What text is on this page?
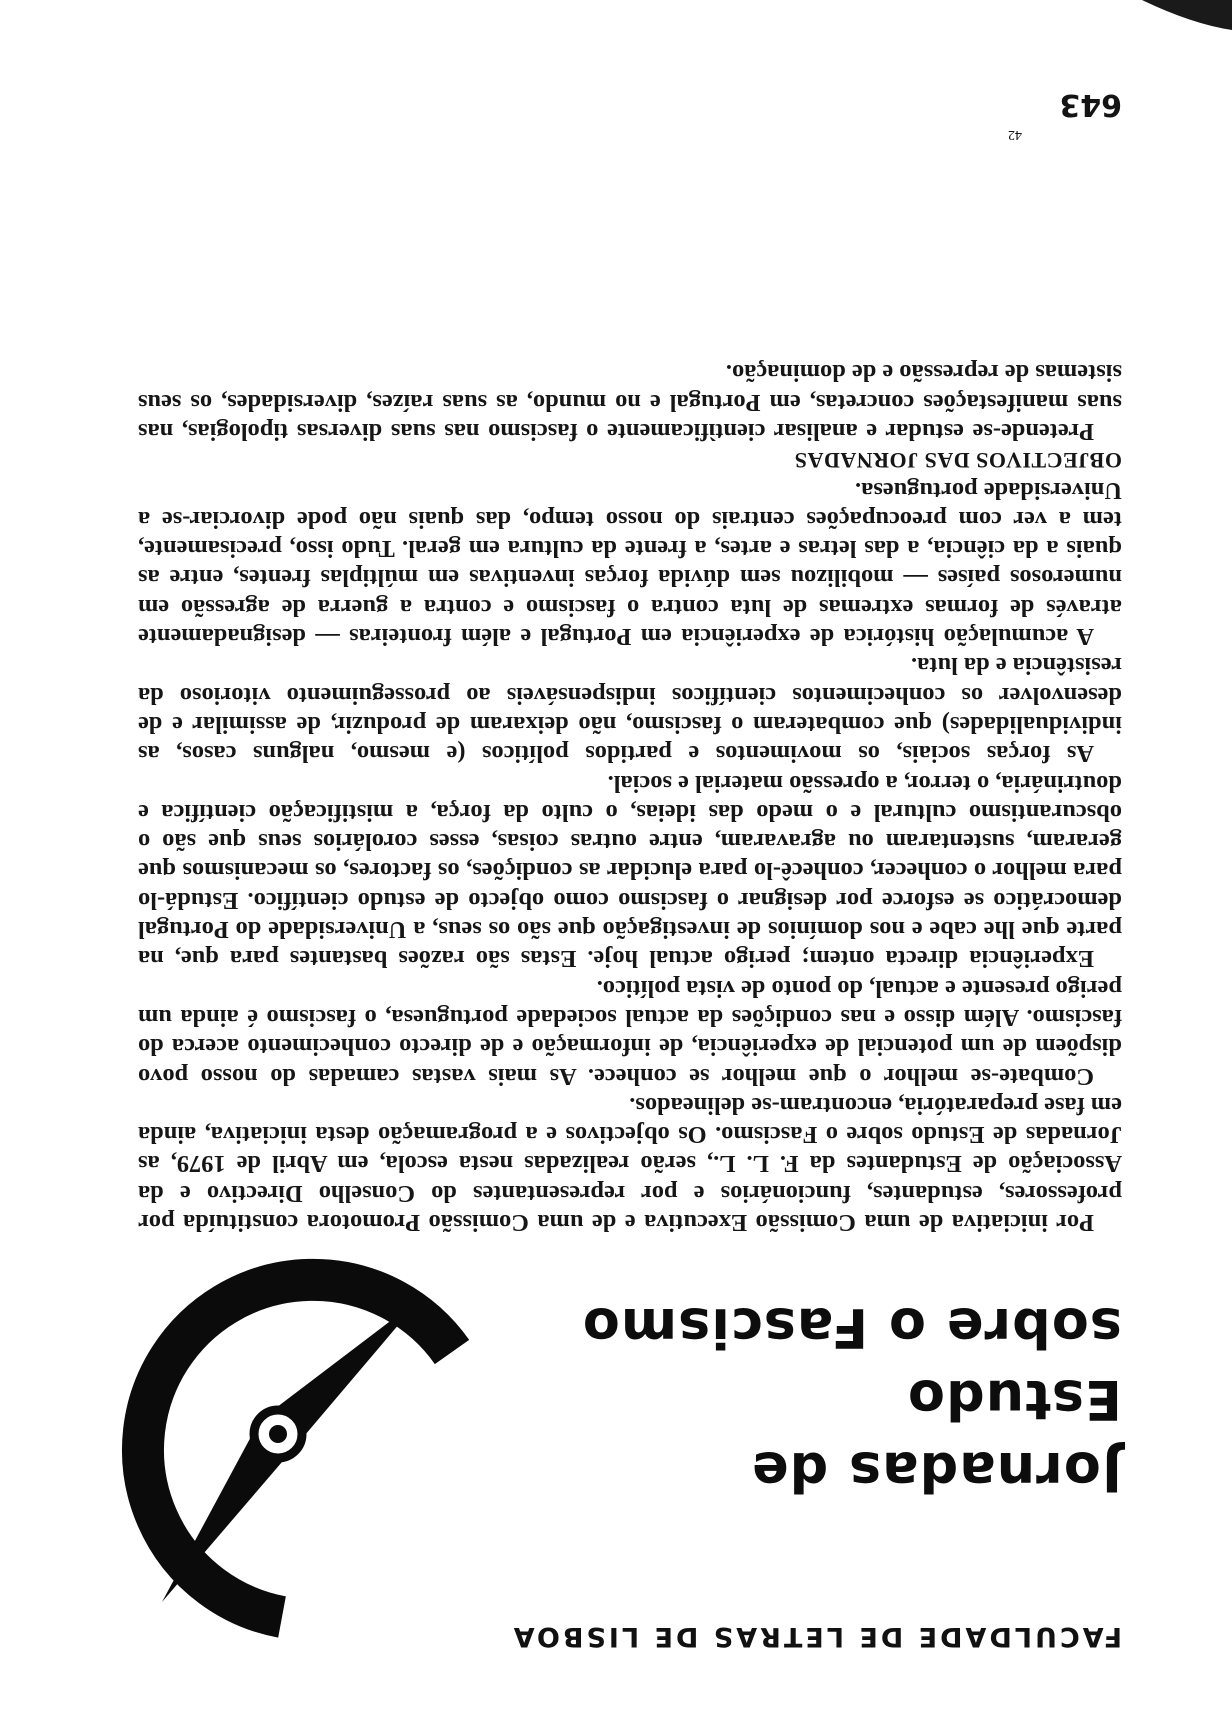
FACULDADE DE LETRAS DE LISBOA
Jornadas de Estudo
sobre o Fascismo

Por iniciativa de uma Comissão Executiva e de uma Comissão Promotora constituída por professores, estudantes, funcionários e por representantes do Conselho Directivo e da Associação de Estudantes da F. L. L., serão realizadas nesta escola, em Abril de 1979, as Jornadas de Estudo sobre o Fascismo. Os objectivos e a programação desta iniciativa, ainda em fase preparatória, encontram-se delineados.

Combate-se melhor o que melhor se conhece. As mais vastas camadas do nosso povo dispõem de um potencial de experiência, de informação e de directo conhecimento acerca do fascismo. Além disso e nas condições da actual sociedade portuguesa, o fascismo é ainda um perigo presente e actual, do ponto de vista político.

Experiência directa ontem; perigo actual hoje. Estas são razões bastantes para que, na parte que lhe cabe e nos domínios de investigação que são os seus, a Universidade do Portugal democrático se esforce por designar o fascismo como objecto de estudo científico. Estudá-lo para melhor o conhecer, conhecê-lo para elucidar as condições, os factores, os mecanismos que geraram, sustentaram ou agravaram, entre outras coisas, esses corolários seus que são o obscurantismo cultural e o medo das ideias, o culto da força, a mistificação científica e doutrinária, o terror, a opressão material e social.

As forças sociais, os movimentos e partidos políticos (e mesmo, nalguns casos, as individualidades) que combateram o fascismo, não deixaram de produzir, de assimilar e de desenvolver os conhecimentos científicos indispensáveis ao prosseguimento vitorioso da resistência e da luta.

A acumulação histórica de experiência em Portugal e além fronteiras — designadamente através de formas extremas de luta contra o fascismo e contra a guerra de agressão em numerosos países — mobilizou sem dúvida forças inventivas em múltiplas frentes, entre as quais a da ciência, a das letras e artes, a frente da cultura em geral. Tudo isso, precisamente, tem a ver com preocupações centrais do nosso tempo, das quais não pode divorciar-se a Universidade portuguesa.

OBJECTIVOS DAS JORNADAS

Pretende-se estudar e analisar cientìficamente o fascismo nas suas diversas tipologias, nas suas manifestações concretas, em Portugal e no mundo, as suas raízes, diversidades, os seus sistemas de repressão e de dominação.

643
42
